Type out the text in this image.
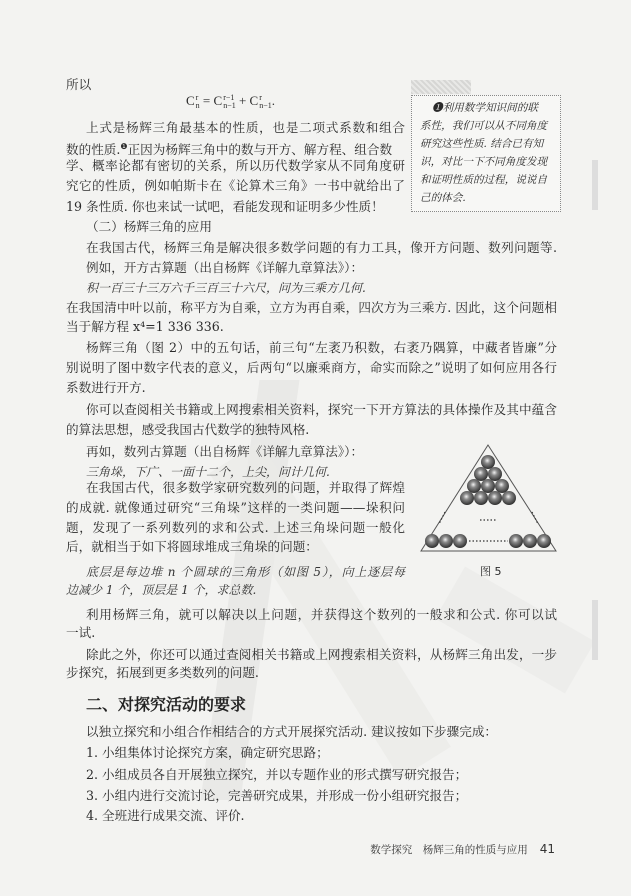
所以
C r
n = C r−1
n−1 + C r
n−1 .
上式是杨辉三角最基本的性质，也是二项式系数和组合
数的性质.$^❶$正因为杨辉三角中的数与开方、解方程、组合数
学、概率论都有密切的关系，所以历代数学家从不同角度研
究它的性质，例如帕斯卡在《论算术三角》一书中就给出了
19 条性质. 你也来试一试吧，看能发现和证明多少性质！
（二）杨辉三角的应用
在我国古代，杨辉三角是解决很多数学问题的有力工具，像开方问题、数列问题等.
例如，开方古算题（出自杨辉《详解九章算法》）：
积一百三十三万六千三百三十六尺，问为三乘方几何.
在我国清中叶以前，称平方为自乘，立方为再自乘，四次方为三乘方. 因此，这个问题相
当于解方程 x⁴=1 336 336.
杨辉三角（图 2）中的五句话，前三句“左袤乃积数，右袤乃隅算，中藏者皆廉”分
别说明了图中数字代表的意义，后两句“以廉乘商方，命实而除之”说明了如何应用各行
系数进行开方.
你可以查阅相关书籍或上网搜索相关资料，探究一下开方算法的具体操作及其中蕴含
的算法思想，感受我国古代数学的独特风格.
再如，数列古算题（出自杨辉《详解九章算法》）：
三角垛，下广、一面十二个，上尖，问计几何.
在我国古代，很多数学家研究数列的问题，并取得了辉煌
的成就. 就像通过研究“三角垛”这样的一类问题——垛积问
题，发现了一系列数列的求和公式. 上述三角垛问题一般化
后，就相当于如下将圆球堆成三角垛的问题：
底层是每边堆 n 个圆球的三角形（如图 5），向上逐层每
边减少 1 个，顶层是 1 个，求总数.
利用杨辉三角，就可以解决以上问题，并获得这个数列的一般求和公式. 你可以试
一试.
除此之外，你还可以通过查阅相关书籍或上网搜索相关资料，从杨辉三角出发，一步
步探究，拓展到更多类数列的问题.
❶利用数学知识间的联
系性，我们可以从不同角度
研究这些性质. 结合已有知
识，对比一下不同角度发现
和证明性质的过程，说说自
己的体会.
图 5
二、对探究活动的要求
以独立探究和小组合作相结合的方式开展探究活动. 建议按如下步骤完成：
1. 小组集体讨论探究方案，确定研究思路；
2. 小组成员各自开展独立探究，并以专题作业的形式撰写研究报告；
3. 小组内进行交流讨论，完善研究成果，并形成一份小组研究报告；
4. 全班进行成果交流、评价.
数学探究　杨辉三角的性质与应用 41
